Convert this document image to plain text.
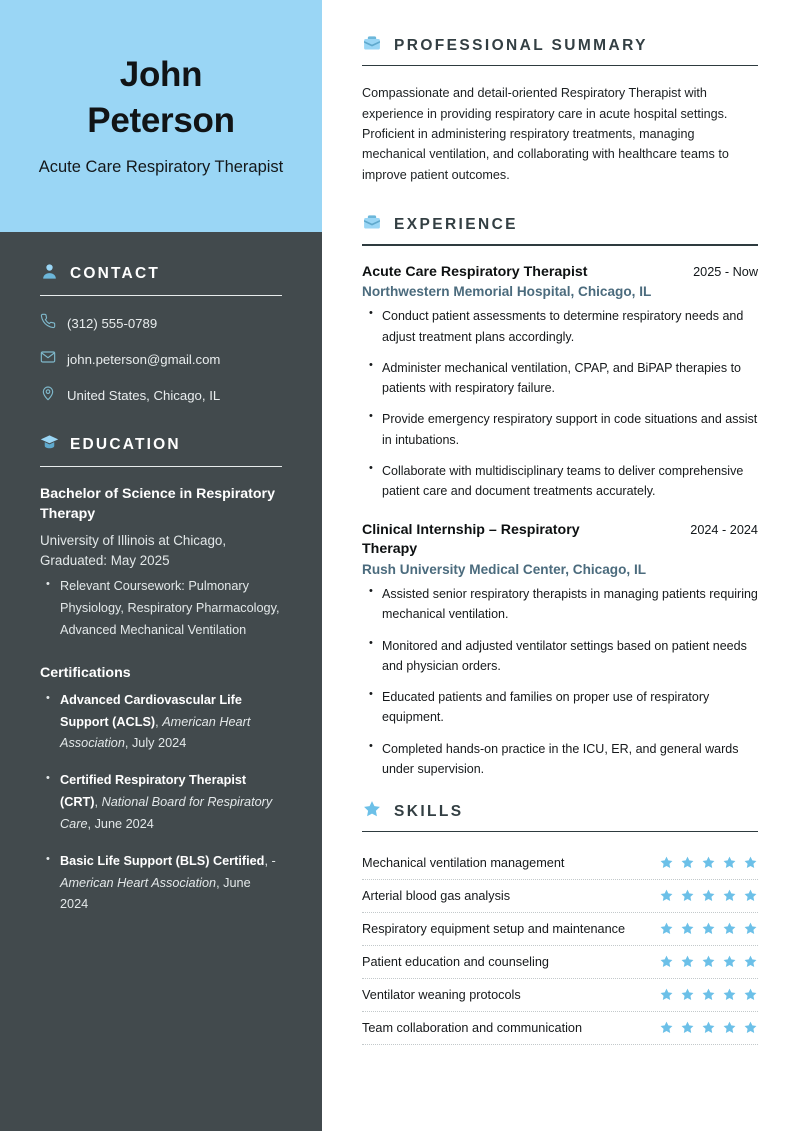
John
Peterson
Acute Care Respiratory Therapist
CONTACT
(312) 555-0789
john.peterson@gmail.com
United States, Chicago, IL
EDUCATION
Bachelor of Science in Respiratory Therapy
University of Illinois at Chicago, Graduated: May 2025
• Relevant Coursework: Pulmonary Physiology, Respiratory Pharmacology, Advanced Mechanical Ventilation
Certifications
• Advanced Cardiovascular Life Support (ACLS), American Heart Association, July 2024
• Certified Respiratory Therapist (CRT), National Board for Respiratory Care, June 2024
• Basic Life Support (BLS) Certified, - American Heart Association, June 2024
PROFESSIONAL SUMMARY

Compassionate and detail-oriented Respiratory Therapist with experience in providing respiratory care in acute hospital settings. Proficient in administering respiratory treatments, managing mechanical ventilation, and collaborating with healthcare teams to improve patient outcomes.

EXPERIENCE
Acute Care Respiratory Therapist	2025 - Now
Northwestern Memorial Hospital, Chicago, IL
• Conduct patient assessments to determine respiratory needs and adjust treatment plans accordingly.
• Administer mechanical ventilation, CPAP, and BiPAP therapies to patients with respiratory failure.
• Provide emergency respiratory support in code situations and assist in intubations.
• Collaborate with multidisciplinary teams to deliver comprehensive patient care and document treatments accurately.
Clinical Internship – Respiratory Therapy
2024 - 2024
Rush University Medical Center, Chicago, IL
• Assisted senior respiratory therapists in managing patients requiring mechanical ventilation.
• Monitored and adjusted ventilator settings based on patient needs and physician orders.
• Educated patients and families on proper use of respiratory equipment.
• Completed hands-on practice in the ICU, ER, and general wards under supervision.
SKILLS
Mechanical ventilation management
Arterial blood gas analysis
Respiratory equipment setup and maintenance
Patient education and counseling
Ventilator weaning protocols
Team collaboration and communication
